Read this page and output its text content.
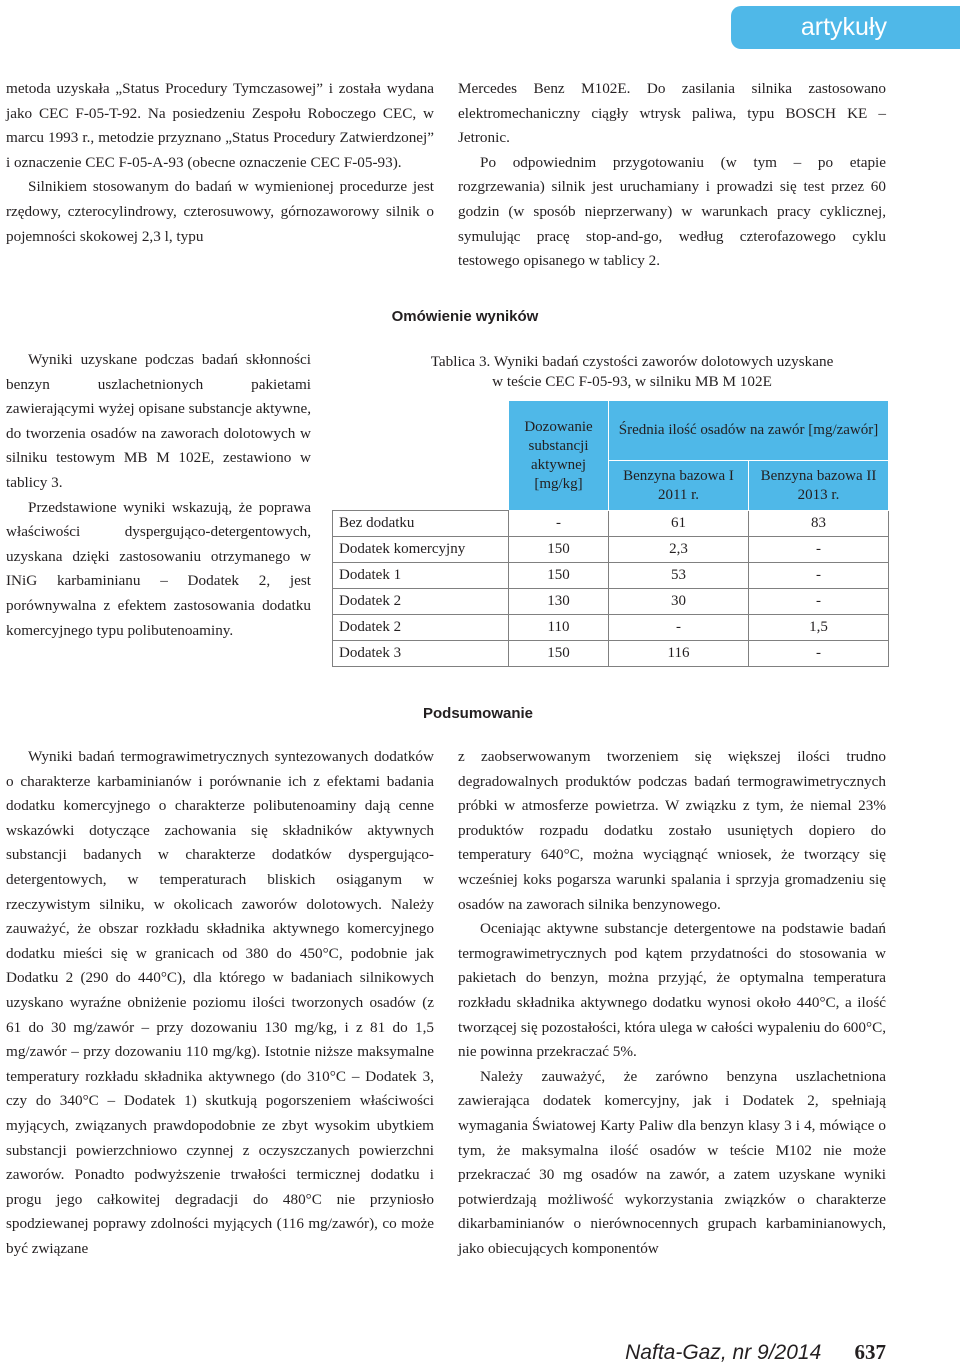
artykuły

metoda uzyskała „Status Procedury Tymczasowej” i została wydana jako CEC F-05-T-92. Na posiedzeniu Zespołu Roboczego CEC, w marcu 1993 r., metodzie przyznano „Status Procedury Zatwierdzonej” i oznaczenie CEC F-05-A-93 (obecne oznaczenie CEC F-05-93).

Silnikiem stosowanym do badań w wymienionej procedurze jest rzędowy, czterocylindrowy, czterosuwowy, górnozaworowy silnik o pojemności skokowej 2,3 l, typu

Mercedes Benz M102E. Do zasilania silnika zastosowano elektromechaniczny ciągły wtrysk paliwa, typu BOSCH KE – Jetronic.

Po odpowiednim przygotowaniu (w tym – po etapie rozgrzewania) silnik jest uruchamiany i prowadzi się test przez 60 godzin (w sposób nieprzerwany) w warunkach pracy cyklicznej, symulując pracę stop-and-go, według czterofazowego cyklu testowego opisanego w tablicy 2.

Omówienie wyników

Wyniki uzyskane podczas badań skłonności benzyn uszlachetnionych pakietami zawierającymi wyżej opisane substancje aktywne, do tworzenia osadów na zaworach dolotowych w silniku testowym MB M 102E, zestawiono w tablicy 3.

Przedstawione wyniki wskazują, że poprawa właściwości dyspergująco-detergentowych, uzyskana dzięki zastosowaniu otrzymanego w INiG karbaminianu – Dodatek 2, jest porównywalna z efektem zastosowania dodatku komercyjnego typu polibutenoaminy.

Tablica 3. Wyniki badań czystości zaworów dolotowych uzyskane
w teście CEC F-05-93, w silniku MB M 102E
	Dozowanie substancji aktywnej [mg/kg]	Średnia ilość osadów na zawór [mg/zawór]	
		Benzyna bazowa I 2011 r.	Benzyna bazowa II 2013 r.
Bez dodatku	-	61	83
Dodatek komercyjny	150	2,3	-
Dodatek 1	150	53	-
Dodatek 2	130	30	-
Dodatek 2	110	-	1,5
Dodatek 3	150	116	-
Podsumowanie

Wyniki badań termograwimetrycznych syntezowanych dodatków o charakterze karbaminianów i porównanie ich z efektami badania dodatku komercyjnego o charakterze polibutenoaminy dają cenne wskazówki dotyczące zachowania się składników aktywnych substancji badanych w charakterze dodatków dyspergująco-detergentowych, w temperaturach bliskich osiąganym w rzeczywistym silniku, w okolicach zaworów dolotowych. Należy zauważyć, że obszar rozkładu składnika aktywnego komercyjnego dodatku mieści się w granicach od 380 do 450°C, podobnie jak Dodatku 2 (290 do 440°C), dla którego w badaniach silnikowych uzyskano wyraźne obniżenie poziomu ilości tworzonych osadów (z 61 do 30 mg/zawór – przy dozowaniu 130 mg/kg, i z 81 do 1,5 mg/zawór – przy dozowaniu 110 mg/kg). Istotnie niższe maksymalne temperatury rozkładu składnika aktywnego (do 310°C – Dodatek 3, czy do 340°C – Dodatek 1) skutkują pogorszeniem właściwości myjących, związanych prawdopodobnie ze zbyt wysokim ubytkiem substancji powierzchniowo czynnej z oczyszczanych powierzchni zaworów. Ponadto podwyższenie trwałości termicznej dodatku i progu jego całkowitej degradacji do 480°C nie przyniosło spodziewanej poprawy zdolności myjących (116 mg/zawór), co może być związane

z zaobserwowanym tworzeniem się większej ilości trudno degradowalnych produktów podczas badań termograwimetrycznych próbki w atmosferze powietrza. W związku z tym, że niemal 23% produktów rozpadu dodatku zostało usuniętych dopiero do temperatury 640°C, można wyciągnąć wniosek, że tworzący się wcześniej koks pogarsza warunki spalania i sprzyja gromadzeniu się osadów na zaworach silnika benzynowego.

Oceniając aktywne substancje detergentowe na podstawie badań termograwimetrycznych pod kątem przydatności do stosowania w pakietach do benzyn, można przyjąć, że optymalna temperatura rozkładu składnika aktywnego dodatku wynosi około 440°C, a ilość tworzącej się pozostałości, która ulega w całości wypaleniu do 600°C, nie powinna przekraczać 5%.

Należy zauważyć, że zarówno benzyna uszlachetniona zawierająca dodatek komercyjny, jak i Dodatek 2, spełniają wymagania Światowej Karty Paliw dla benzyn klasy 3 i 4, mówiące o tym, że maksymalna ilość osadów w teście M102 nie może przekraczać 30 mg osadów na zawór, a zatem uzyskane wyniki potwierdzają możliwość wykorzystania związków o charakterze dikarbaminianów o nierównocennych grupach karbaminianowych, jako obiecujących komponentów

Nafta-Gaz, nr 9/2014 637
